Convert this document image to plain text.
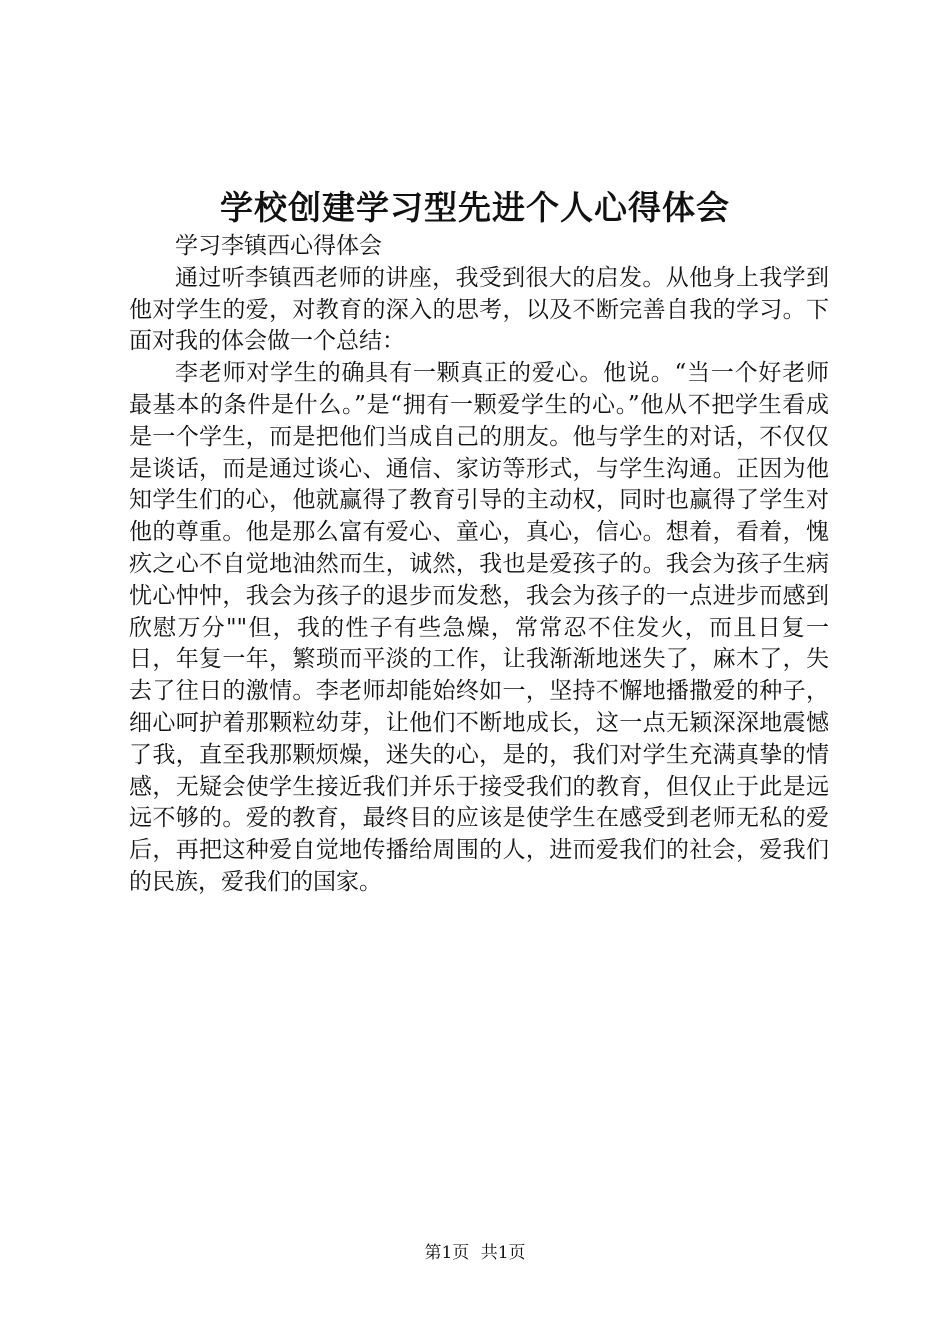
学校创建学习型先进个人心得体会

学习李镇西心得体会

通过听李镇西老师的讲座，我受到很大的启发。从他身上我学到他对学生的爱，对教育的深入的思考，以及不断完善自我的学习。下面对我的体会做一个总结：

李老师对学生的确具有一颗真正的爱心。他说。“当一个好老师最基本的条件是什么。”是“拥有一颗爱学生的心。”他从不把学生看成是一个学生，而是把他们当成自己的朋友。他与学生的对话，不仅仅是谈话，而是通过谈心、通信、家访等形式，与学生沟通。正因为他知学生们的心，他就赢得了教育引导的主动权，同时也赢得了学生对他的尊重。他是那么富有爱心、童心，真心，信心。想着，看着，愧疚之心不自觉地油然而生，诚然，我也是爱孩子的。我会为孩子生病忧心忡忡，我会为孩子的退步而发愁，我会为孩子的一点进步而感到欣慰万分""但，我的性子有些急燥，常常忍不住发火，而且日复一日，年复一年，繁琐而平淡的工作，让我渐渐地迷失了，麻木了，失去了往日的激情。李老师却能始终如一，坚持不懈地播撒爱的种子，细心呵护着那颗粒幼芽，让他们不断地成长，这一点无颖深深地震憾了我，直至我那颗烦燥，迷失的心，是的，我们对学生充满真挚的情感，无疑会使学生接近我们并乐于接受我们的教育，但仅止于此是远远不够的。爱的教育，最终目的应该是使学生在感受到老师无私的爱后，再把这种爱自觉地传播给周围的人，进而爱我们的社会，爱我们的民族，爱我们的国家。

第1页 共1页
